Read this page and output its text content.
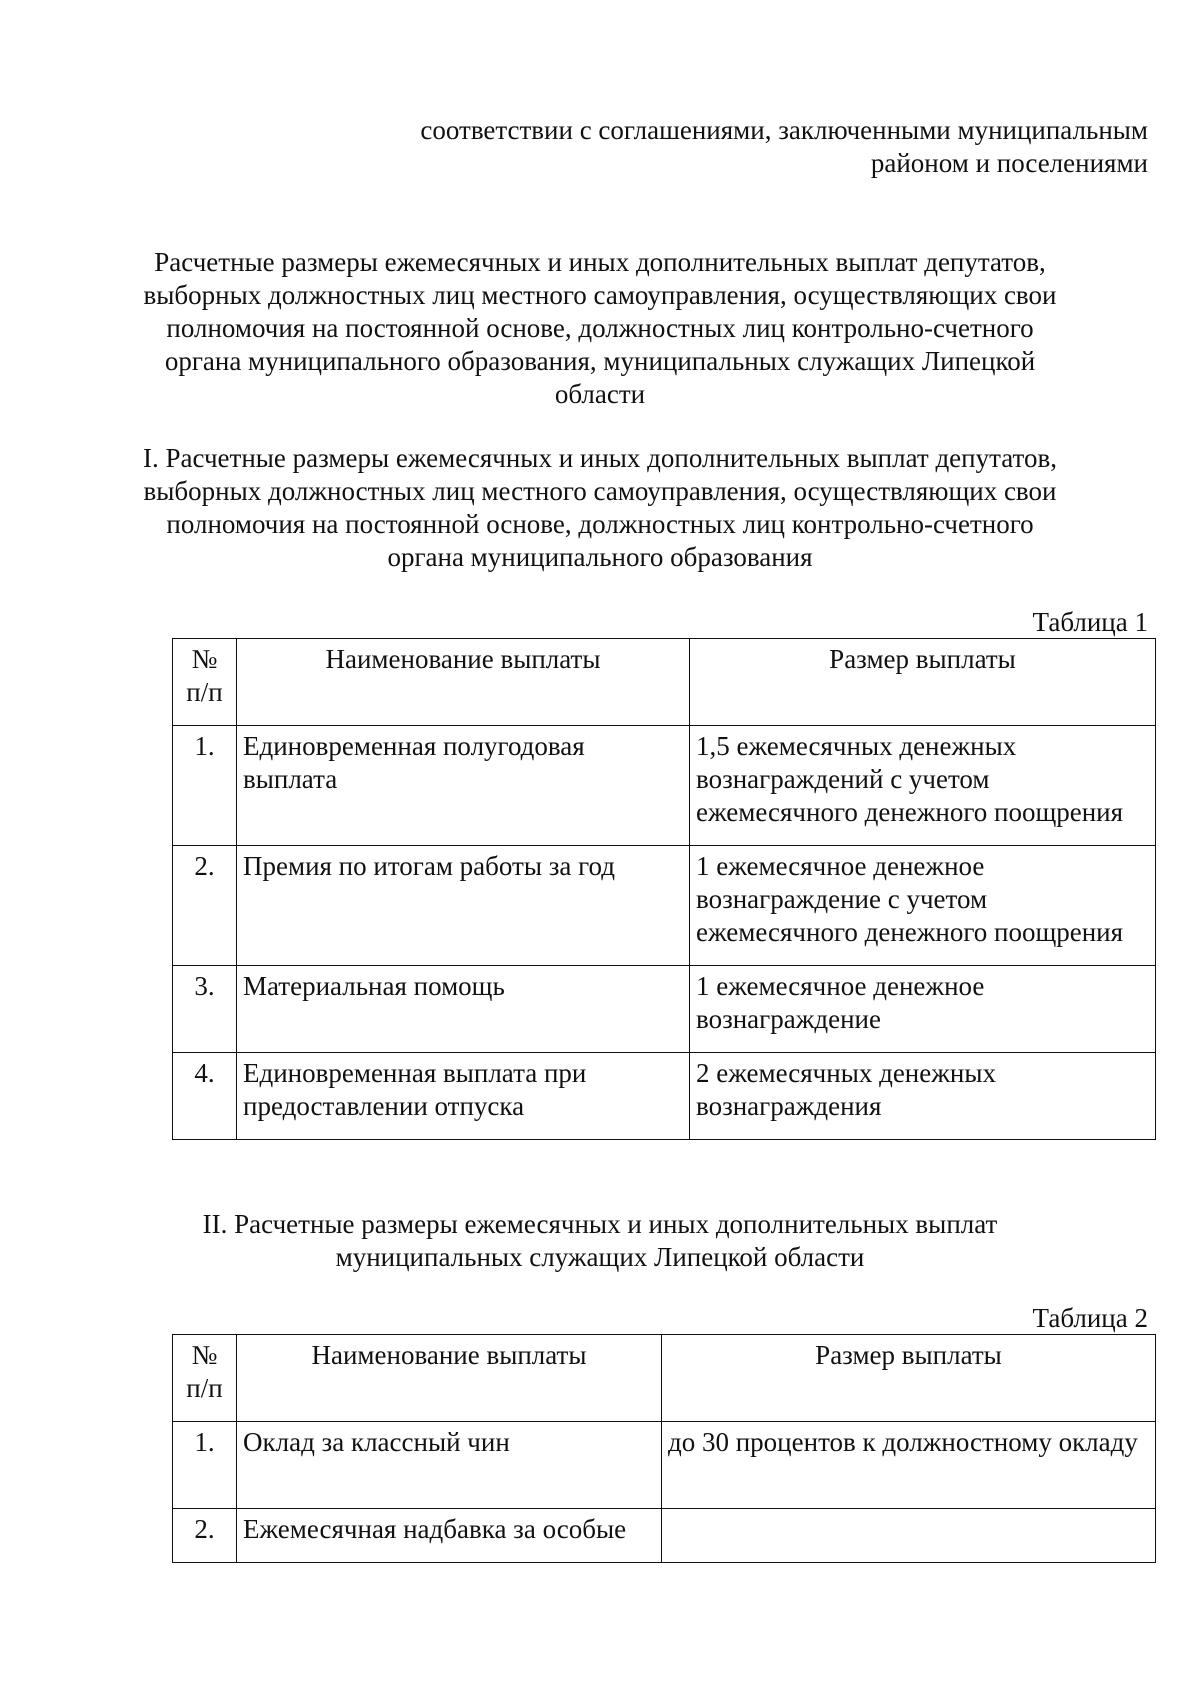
соответствии с соглашениями, заключенными муниципальным
районом и поселениями

Расчетные размеры ежемесячных и иных дополнительных выплат депутатов,

выборных должностных лиц местного самоуправления, осуществляющих свои

полномочия на постоянной основе, должностных лиц контрольно-счетного

органа муниципального образования, муниципальных служащих Липецкой

области

I. Расчетные размеры ежемесячных и иных дополнительных выплат депутатов,

выборных должностных лиц местного самоуправления, осуществляющих свои

полномочия на постоянной основе, должностных лиц контрольно-счетного

органа муниципального образования

Таблица 1
№ п/п	Наименование выплаты	Размер выплаты
1.	Единовременная полугодовая выплата	1,5 ежемесячных денежных вознаграждений с учетом ежемесячного денежного поощрения
2.	Премия по итогам работы за год	1 ежемесячное денежное вознаграждение с учетом ежемесячного денежного поощрения
3.	Материальная помощь	1 ежемесячное денежное вознаграждение
4.	Единовременная выплата при предоставлении отпуска	2 ежемесячных денежных вознаграждения

II. Расчетные размеры ежемесячных и иных дополнительных выплат

муниципальных служащих Липецкой области

Таблица 2
№ п/п	Наименование выплаты	Размер выплаты
1.	Оклад за классный чин	до 30 процентов к должностному окладу
2.	Ежемесячная надбавка за особые	
